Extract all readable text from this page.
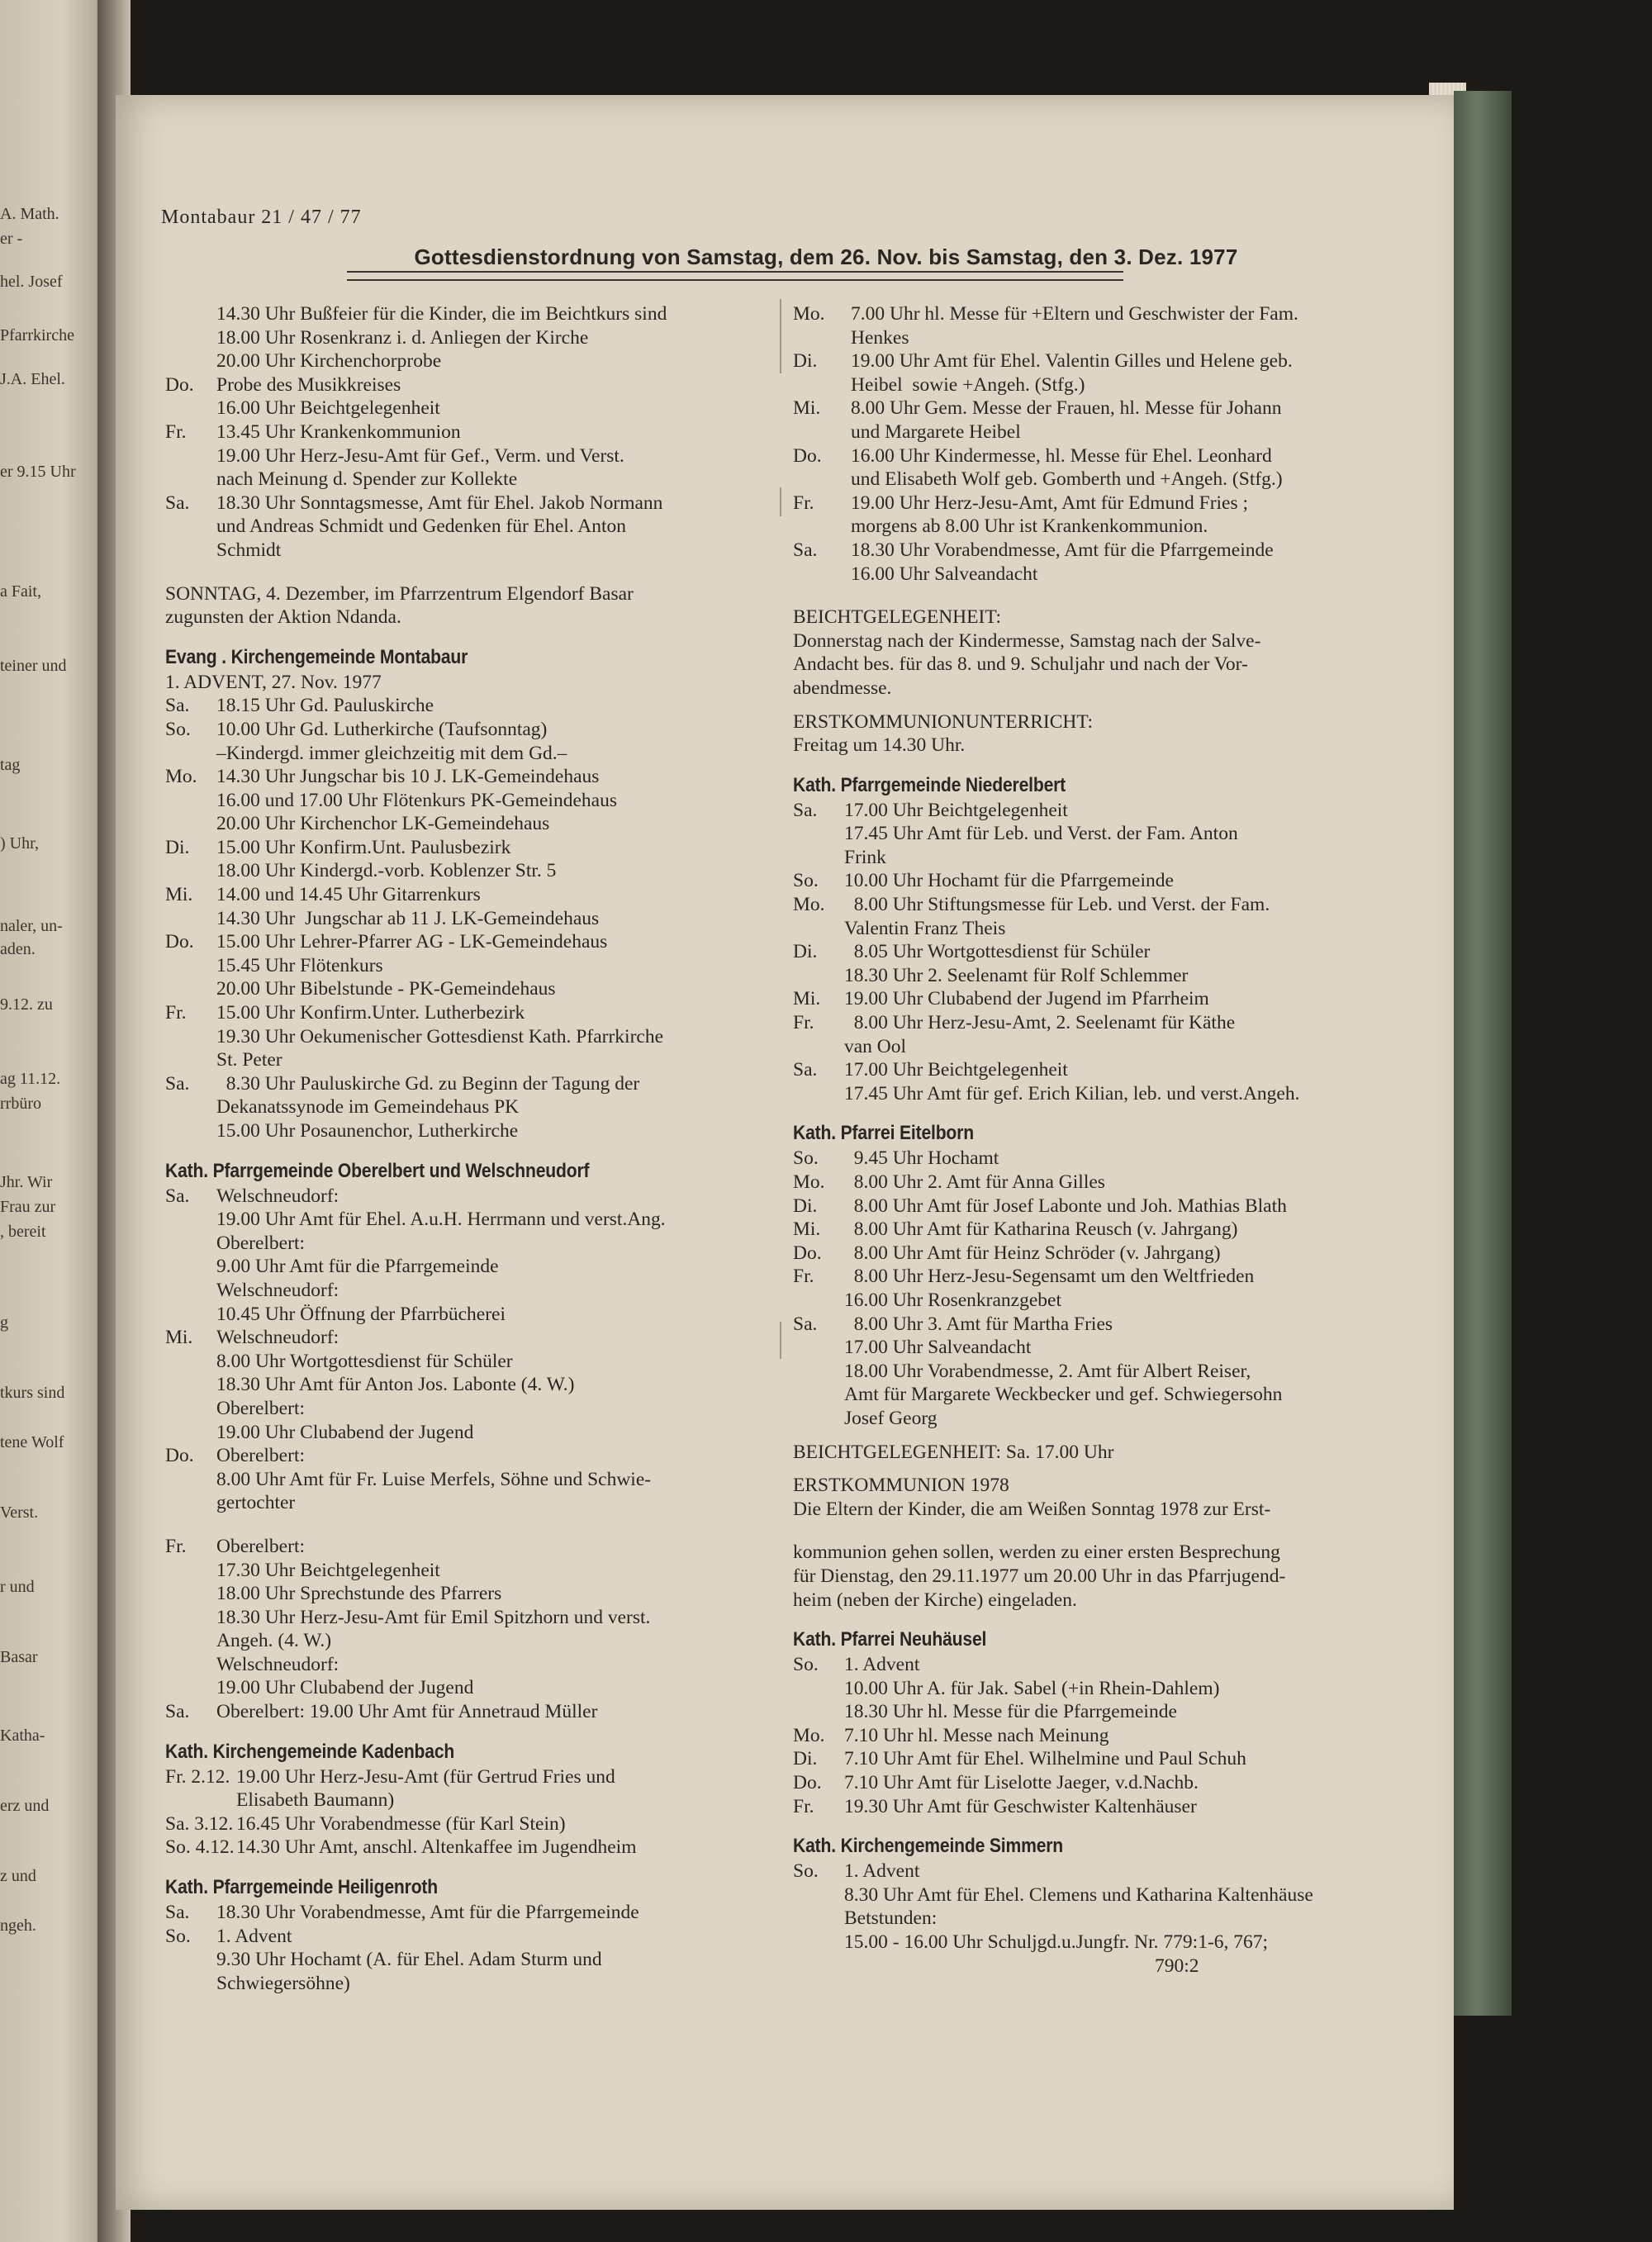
A. Math.
er -
hel. Josef
Pfarrkirche
J.A. Ehel.
er 9.15 Uhr
a Fait,
teiner und
tag
) Uhr,
naler, un-
aden.
9.12. zu
ag 11.12.
rrbüro
Jhr. Wir
Frau zur
, bereit
g
tkurs sind
tene Wolf
Verst.
r und
Basar
Katha-
erz und
z und
ngeh.
Montabaur 21 / 47 / 77
Gottesdienstordnung von Samstag, dem 26. Nov. bis Samstag, den 3. Dez. 1977
14.30 Uhr Bußfeier für die Kinder, die im Beichtkurs sind
18.00 Uhr Rosenkranz i. d. Anliegen der Kirche
20.00 Uhr Kirchenchorprobe
Do.	Probe des Musikkreises
16.00 Uhr Beichtgelegenheit
Fr.	13.45 Uhr Krankenkommunion
19.00 Uhr Herz-Jesu-Amt für Gef., Verm. und Verst.
nach Meinung d. Spender zur Kollekte
Sa.	18.30 Uhr Sonntagsmesse, Amt für Ehel. Jakob Normann
und Andreas Schmidt und Gedenken für Ehel. Anton
Schmidt
SONNTAG, 4. Dezember, im Pfarrzentrum Elgendorf Basar
zugunsten der Aktion Ndanda.
Evang . Kirchengemeinde Montabaur
1. ADVENT, 27. Nov. 1977
Sa.	18.15 Uhr Gd. Pauluskirche
So.	10.00 Uhr Gd. Lutherkirche (Taufsonntag)
–Kindergd. immer gleichzeitig mit dem Gd.–
Mo. 14.30 Uhr Jungschar bis 10 J. LK-Gemeindehaus
16.00 und 17.00 Uhr Flötenkurs PK-Gemeindehaus
20.00 Uhr Kirchenchor LK-Gemeindehaus
Di.	15.00 Uhr Konfirm.Unt. Paulusbezirk
18.00 Uhr Kindergd.-vorb. Koblenzer Str. 5
Mi.	14.00 und 14.45 Uhr Gitarrenkurs
14.30 Uhr  Jungschar ab 11 J. LK-Gemeindehaus
Do.	15.00 Uhr Lehrer-Pfarrer AG - LK-Gemeindehaus
15.45 Uhr Flötenkurs
20.00 Uhr Bibelstunde - PK-Gemeindehaus
Fr.	15.00 Uhr Konfirm.Unter. Lutherbezirk
19.30 Uhr Oekumenischer Gottesdienst Kath. Pfarrkirche
St. Peter
Sa.	8.30 Uhr Pauluskirche Gd. zu Beginn der Tagung der
Dekanatssynode im Gemeindehaus PK
15.00 Uhr Posaunenchor, Lutherkirche
Kath. Pfarrgemeinde Oberelbert und Welschneudorf
Sa.	Welschneudorf:
19.00 Uhr Amt für Ehel. A.u.H. Herrmann und verst.Ang.
Oberelbert:
9.00 Uhr Amt für die Pfarrgemeinde
Welschneudorf:
10.45 Uhr Öffnung der Pfarrbücherei
Mi.	Welschneudorf:
8.00 Uhr Wortgottesdienst für Schüler
18.30 Uhr Amt für Anton Jos. Labonte (4. W.)
Oberelbert:
19.00 Uhr Clubabend der Jugend
Do.	Oberelbert:
8.00 Uhr Amt für Fr. Luise Merfels, Söhne und Schwie-
gertochter
Fr.	Oberelbert:
17.30 Uhr Beichtgelegenheit
18.00 Uhr Sprechstunde des Pfarrers
18.30 Uhr Herz-Jesu-Amt für Emil Spitzhorn und verst.
Angeh. (4. W.)
Welschneudorf:
19.00 Uhr Clubabend der Jugend
Sa.	Oberelbert: 19.00 Uhr Amt für Annetraud Müller
Kath. Kirchengemeinde Kadenbach
Fr. 2.12. 19.00 Uhr Herz-Jesu-Amt (für Gertrud Fries und
Elisabeth Baumann)
Sa. 3.12. 16.45 Uhr Vorabendmesse (für Karl Stein)
So. 4.12. 14.30 Uhr Amt, anschl. Altenkaffee im Jugendheim
Kath. Pfarrgemeinde Heiligenroth
Sa.	18.30 Uhr Vorabendmesse, Amt für die Pfarrgemeinde
So.	1. Advent
9.30 Uhr Hochamt (A. für Ehel. Adam Sturm und
Schwiegersöhne)
Mo.	7.00 Uhr hl. Messe für +Eltern und Geschwister der Fam.
Henkes
Di.	19.00 Uhr Amt für Ehel. Valentin Gilles und Helene geb.
Heibel  sowie +Angeh. (Stfg.)
Mi.	8.00 Uhr Gem. Messe der Frauen, hl. Messe für Johann
und Margarete Heibel
Do.	16.00 Uhr Kindermesse, hl. Messe für Ehel. Leonhard
und Elisabeth Wolf geb. Gomberth und +Angeh. (Stfg.)
Fr.	19.00 Uhr Herz-Jesu-Amt, Amt für Edmund Fries ;
morgens ab 8.00 Uhr ist Krankenkommunion.
Sa.	18.30 Uhr Vorabendmesse, Amt für die Pfarrgemeinde
16.00 Uhr Salveandacht
BEICHTGELEGENHEIT:
Donnerstag nach der Kindermesse, Samstag nach der Salve-
Andacht bes. für das 8. und 9. Schuljahr und nach der Vor-
abendmesse.
ERSTKOMMUNIONUNTERRICHT:
Freitag um 14.30 Uhr.
Kath. Pfarrgemeinde Niederelbert
Sa.	17.00 Uhr Beichtgelegenheit
17.45 Uhr Amt für Leb. und Verst. der Fam. Anton
Frink
So.	10.00 Uhr Hochamt für die Pfarrgemeinde
Mo. 8.00 Uhr Stiftungsmesse für Leb. und Verst. der Fam.
Valentin Franz Theis
Di.	8.05 Uhr Wortgottesdienst für Schüler
18.30 Uhr 2. Seelenamt für Rolf Schlemmer
Mi.	19.00 Uhr Clubabend der Jugend im Pfarrheim
Fr.	8.00 Uhr Herz-Jesu-Amt, 2. Seelenamt für Käthe
van Ool
Sa.	17.00 Uhr Beichtgelegenheit
17.45 Uhr Amt für gef. Erich Kilian, leb. und verst.Angeh.
Kath. Pfarrei Eitelborn
So.	9.45 Uhr Hochamt
Mo. 8.00 Uhr 2. Amt für Anna Gilles
Di.	8.00 Uhr Amt für Josef Labonte und Joh. Mathias Blath
Mi.	8.00 Uhr Amt für Katharina Reusch (v. Jahrgang)
Do.	8.00 Uhr Amt für Heinz Schröder (v. Jahrgang)
Fr.	8.00 Uhr Herz-Jesu-Segensamt um den Weltfrieden
16.00 Uhr Rosenkranzgebet
Sa.	8.00 Uhr 3. Amt für Martha Fries
17.00 Uhr Salveandacht
18.00 Uhr Vorabendmesse, 2. Amt für Albert Reiser,
Amt für Margarete Weckbecker und gef. Schwiegersohn
Josef Georg
BEICHTGELEGENHEIT: Sa. 17.00 Uhr
ERSTKOMMUNION 1978
Die Eltern der Kinder, die am Weißen Sonntag 1978 zur Erst-
kommunion gehen sollen, werden zu einer ersten Besprechung
für Dienstag, den 29.11.1977 um 20.00 Uhr in das Pfarrjugend-
heim (neben der Kirche) eingeladen.
Kath. Pfarrei Neuhäusel
So.	1. Advent
10.00 Uhr A. für Jak. Sabel (+in Rhein-Dahlem)
18.30 Uhr hl. Messe für die Pfarrgemeinde
Mo. 7.10 Uhr hl. Messe nach Meinung
Di.	7.10 Uhr Amt für Ehel. Wilhelmine und Paul Schuh
Do.	7.10 Uhr Amt für Liselotte Jaeger, v.d.Nachb.
Fr.	19.30 Uhr Amt für Geschwister Kaltenhäuser
Kath. Kirchengemeinde Simmern
So.	1. Advent
8.30 Uhr Amt für Ehel. Clemens und Katharina Kaltenhäuse
Betstunden:
15.00 - 16.00 Uhr Schuljgd.u.Jungfr. Nr. 779:1-6, 767;
790:2
